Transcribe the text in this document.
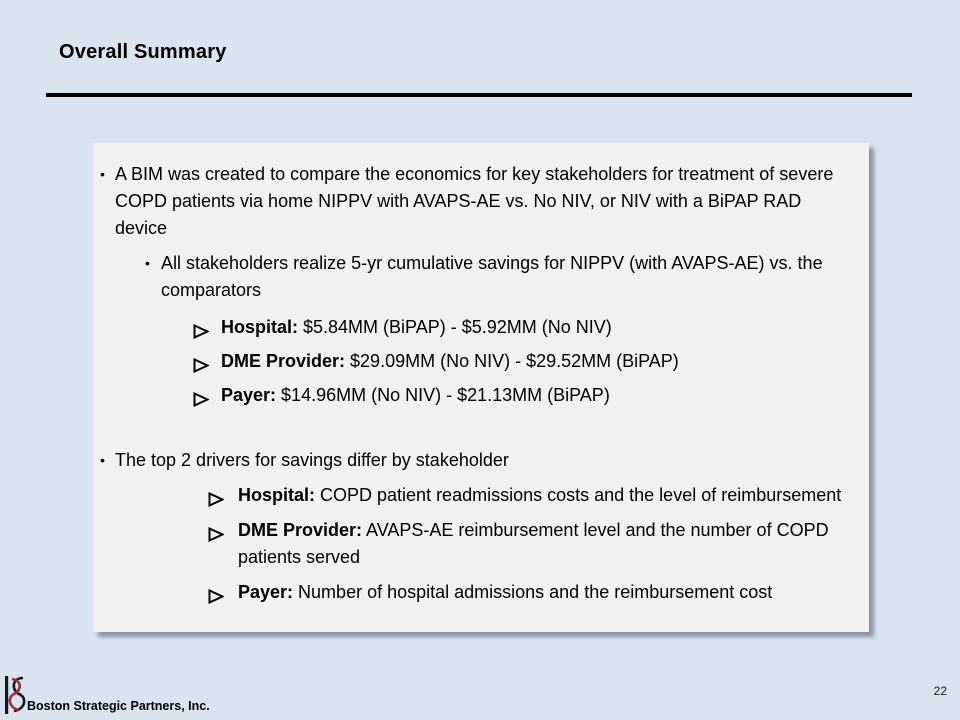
Overall Summary
• A BIM was created to compare the economics for key stakeholders for treatment of severe COPD patients via home NIPPV with AVAPS-AE vs. No NIV, or NIV with a BiPAP RAD device
• All stakeholders realize 5-yr cumulative savings for NIPPV (with AVAPS-AE) vs. the comparators
Hospital: $5.84MM (BiPAP) - $5.92MM (No NIV)
DME Provider: $29.09MM (No NIV) - $29.52MM (BiPAP)
Payer: $14.96MM (No NIV) - $21.13MM (BiPAP)
• The top 2 drivers for savings differ by stakeholder
Hospital: COPD patient readmissions costs and the level of reimbursement
DME Provider: AVAPS-AE reimbursement level and the number of COPD patients served
Payer: Number of hospital admissions and the reimbursement cost
Boston Strategic Partners, Inc.
22
